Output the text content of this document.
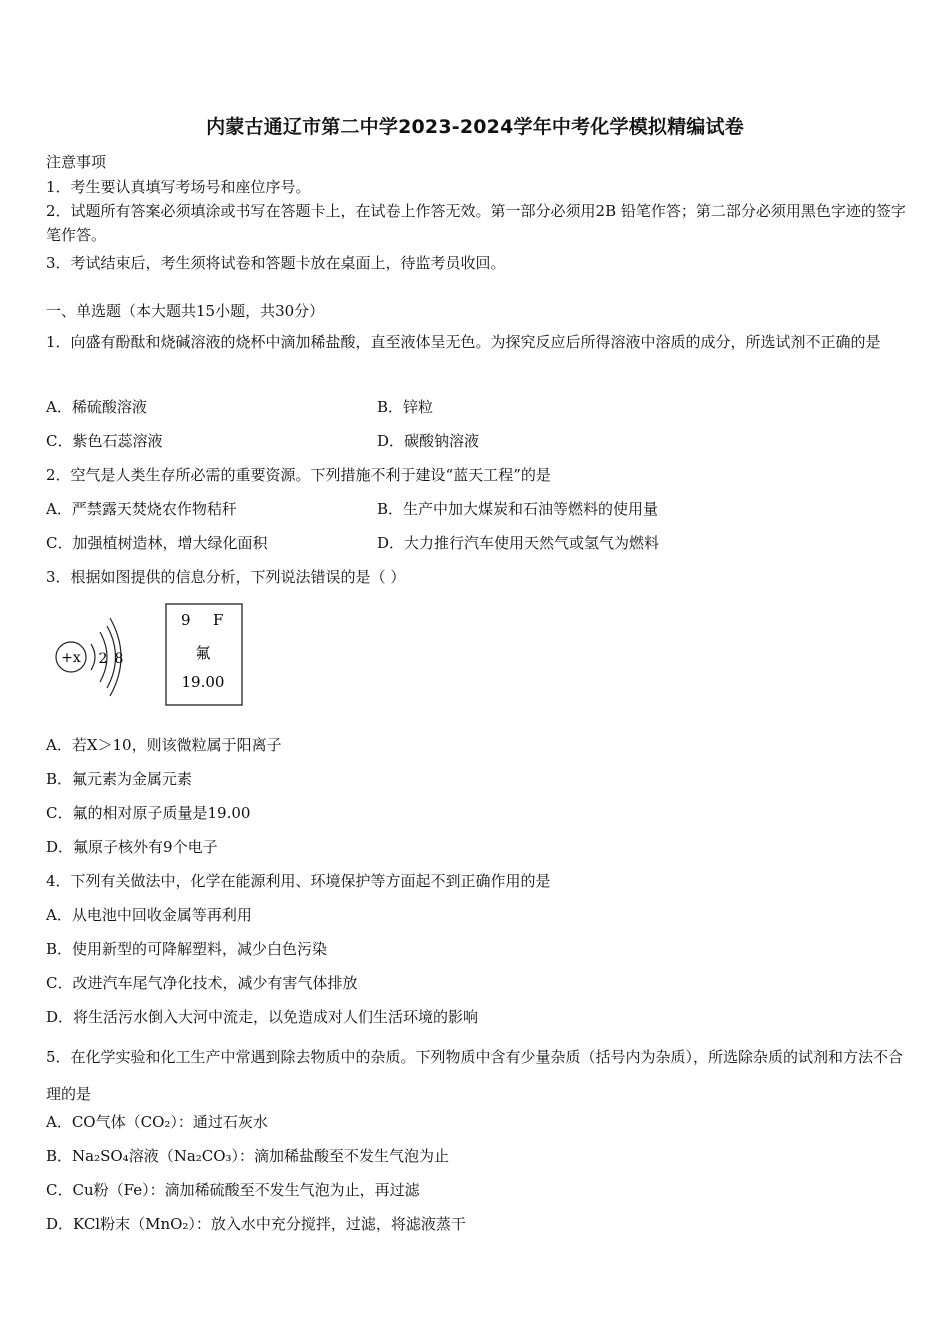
内蒙古通辽市第二中学2023-2024学年中考化学模拟精编试卷
注意事项
1．考生要认真填写考场号和座位序号。
2．试题所有答案必须填涂或书写在答题卡上，在试卷上作答无效。第一部分必须用2B 铅笔作答；第二部分必须用黑色字迹的签字笔作答。
3．考试结束后，考生须将试卷和答题卡放在桌面上，待监考员收回。
一、单选题（本大题共15小题，共30分）
1．向盛有酚酞和烧碱溶液的烧杯中滴加稀盐酸，直至液体呈无色。为探究反应后所得溶液中溶质的成分，所选试剂不正确的是
A．稀硫酸溶液	B．锌粒
C．紫色石蕊溶液	D．碳酸钠溶液
2．空气是人类生存所必需的重要资源。下列措施不利于建设“蓝天工程”的是
A．严禁露天焚烧农作物秸秆	B．生产中加大煤炭和石油等燃料的使用量
C．加强植树造林，增大绿化面积	D．大力推行汽车使用天然气或氢气为燃料
3．根据如图提供的信息分析，下列说法错误的是（ ）
+x 2 8
9 F
氟
19.00
A．若X＞10，则该微粒属于阳离子
B．氟元素为金属元素
C．氟的相对原子质量是19.00
D．氟原子核外有9个电子
4．下列有关做法中，化学在能源利用、环境保护等方面起不到正确作用的是
A．从电池中回收金属等再利用
B．使用新型的可降解塑料，减少白色污染
C．改进汽车尾气净化技术，减少有害气体排放
D．将生活污水倒入大河中流走，以免造成对人们生活环境的影响
5．在化学实验和化工生产中常遇到除去物质中的杂质。下列物质中含有少量杂质（括号内为杂质），所选除杂质的试剂和方法不合理的是
A．CO气体（CO₂）：通过石灰水
B．Na₂SO₄溶液（Na₂CO₃）：滴加稀盐酸至不发生气泡为止
C．Cu粉（Fe）：滴加稀硫酸至不发生气泡为止，再过滤
D．KCl粉末（MnO₂）：放入水中充分搅拌，过滤，将滤液蒸干
